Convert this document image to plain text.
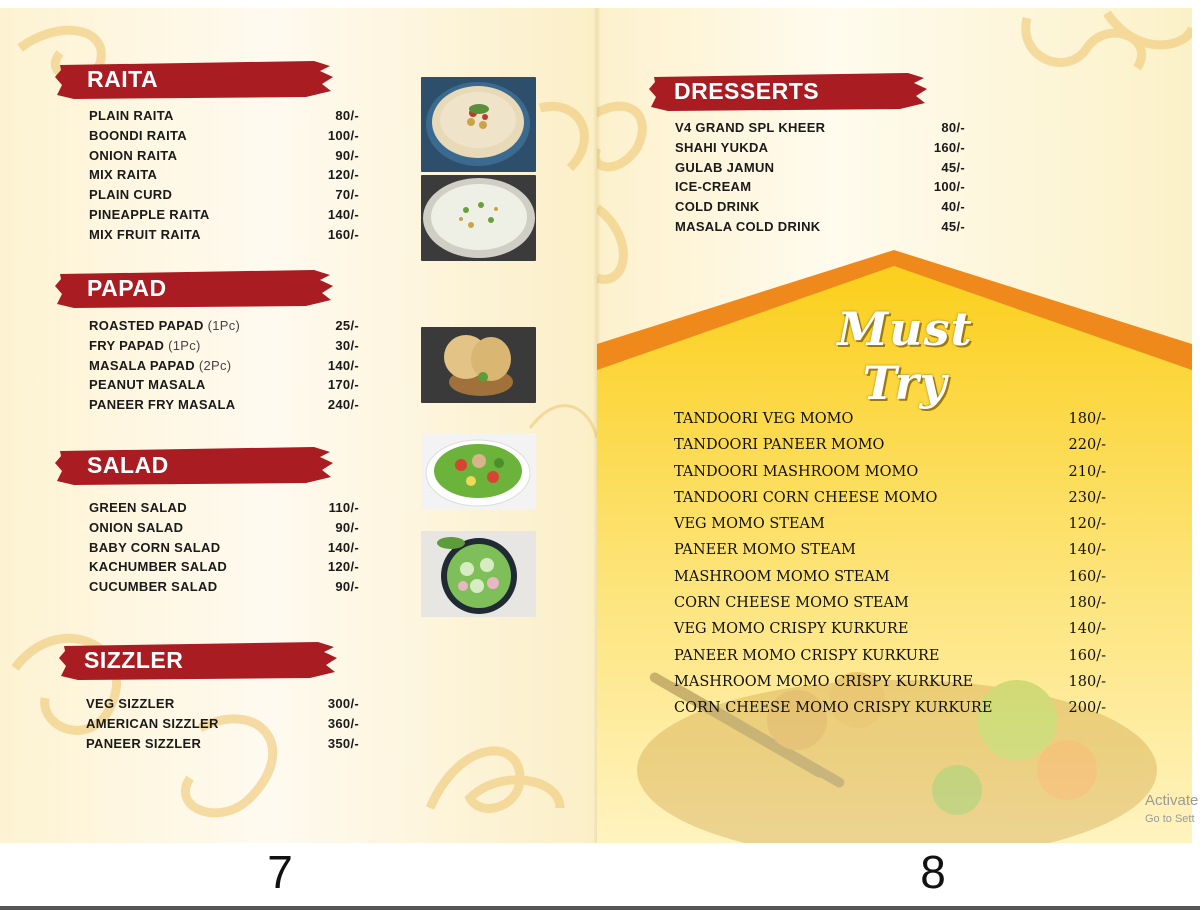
RAITA
PAPAD
SALAD
SIZZLER
DRESSERTS
PLAIN RAITA	80/-
BOONDI RAITA	100/-
ONION RAITA	90/-
MIX RAITA	120/-
PLAIN CURD	70/-
PINEAPPLE RAITA	140/-
MIX FRUIT RAITA	160/-
ROASTED PAPAD (1Pc)	25/-
FRY PAPAD (1Pc)	30/-
MASALA PAPAD (2Pc)	140/-
PEANUT MASALA	170/-
PANEER FRY MASALA	240/-
GREEN SALAD	110/-
ONION SALAD	90/-
BABY CORN SALAD	140/-
KACHUMBER SALAD	120/-
CUCUMBER SALAD	90/-
VEG SIZZLER	300/-
AMERICAN SIZZLER	360/-
PANEER SIZZLER	350/-
V4 GRAND SPL KHEER	80/-
SHAHI YUKDA	160/-
GULAB JAMUN	45/-
ICE-CREAM	100/-
COLD DRINK	40/-
MASALA COLD DRINK	45/-
Must Try
TANDOORI VEG MOMO	180/-
TANDOORI PANEER MOMO	220/-
TANDOORI MASHROOM MOMO	210/-
TANDOORI CORN CHEESE MOMO	230/-
VEG MOMO STEAM	120/-
PANEER MOMO STEAM	140/-
MASHROOM MOMO STEAM	160/-
CORN CHEESE MOMO STEAM	180/-
VEG MOMO CRISPY KURKURE	140/-
PANEER MOMO CRISPY KURKURE	160/-
MASHROOM MOMO CRISPY KURKURE	180/-
CORN CHEESE MOMO CRISPY KURKURE	200/-
Activate
Go to Sett
7	8
